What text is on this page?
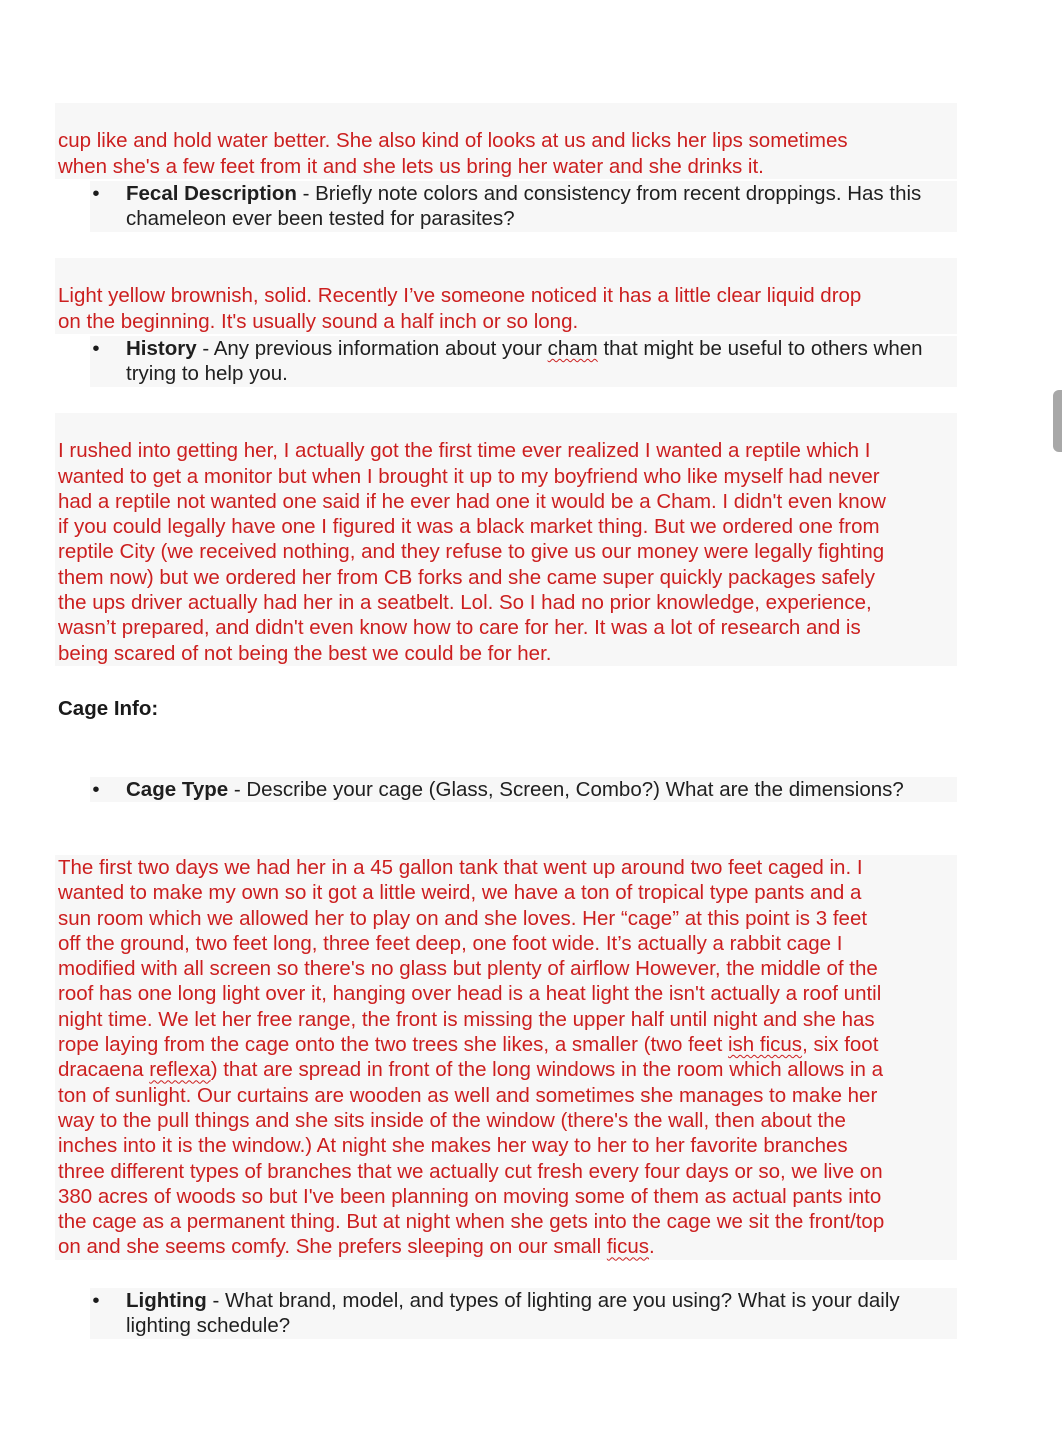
cup like and hold water better. She also kind of looks at us and licks her lips sometimes
when she's a few feet from it and she lets us bring her water and she drinks it.

• Fecal Description - Briefly note colors and consistency from recent droppings. Has this chameleon ever been tested for parasites?

Light yellow brownish, solid. Recently I’ve someone noticed it has a little clear liquid drop
on the beginning. It's usually sound a half inch or so long.

• History - Any previous information about your cham that might be useful to others when trying to help you.

I rushed into getting her, I actually got the first time ever realized I wanted a reptile which I
wanted to get a monitor but when I brought it up to my boyfriend who like myself had never
had a reptile not wanted one said if he ever had one it would be a Cham. I didn't even know
if you could legally have one I figured it was a black market thing. But we ordered one from
reptile City (we received nothing, and they refuse to give us our money were legally fighting
them now) but we ordered her from CB forks and she came super quickly packages safely
the ups driver actually had her in a seatbelt. Lol. So I had no prior knowledge, experience,
wasn’t prepared, and didn't even know how to care for her. It was a lot of research and is
being scared of not being the best we could be for her.

Cage Info:
• Cage Type - Describe your cage (Glass, Screen, Combo?) What are the dimensions?
The first two days we had her in a 45 gallon tank that went up around two feet caged in. I
wanted to make my own so it got a little weird, we have a ton of tropical type pants and a
sun room which we allowed her to play on and she loves. Her “cage” at this point is 3 feet
off the ground, two feet long, three feet deep, one foot wide. It’s actually a rabbit cage I
modified with all screen so there's no glass but plenty of airflow However, the middle of the
roof has one long light over it, hanging over head is a heat light the isn't actually a roof until
night time. We let her free range, the front is missing the upper half until night and she has
rope laying from the cage onto the two trees she likes, a smaller (two feet ish ficus, six foot
dracaena reflexa) that are spread in front of the long windows in the room which allows in a
ton of sunlight. Our curtains are wooden as well and sometimes she manages to make her
way to the pull things and she sits inside of the window (there's the wall, then about the
inches into it is the window.) At night she makes her way to her to her favorite branches
three different types of branches that we actually cut fresh every four days or so, we live on
380 acres of woods so but I've been planning on moving some of them as actual pants into
the cage as a permanent thing. But at night when she gets into the cage we sit the front/top
on and she seems comfy. She prefers sleeping on our small ficus.
• Lighting - What brand, model, and types of lighting are you using? What is your daily lighting schedule?
